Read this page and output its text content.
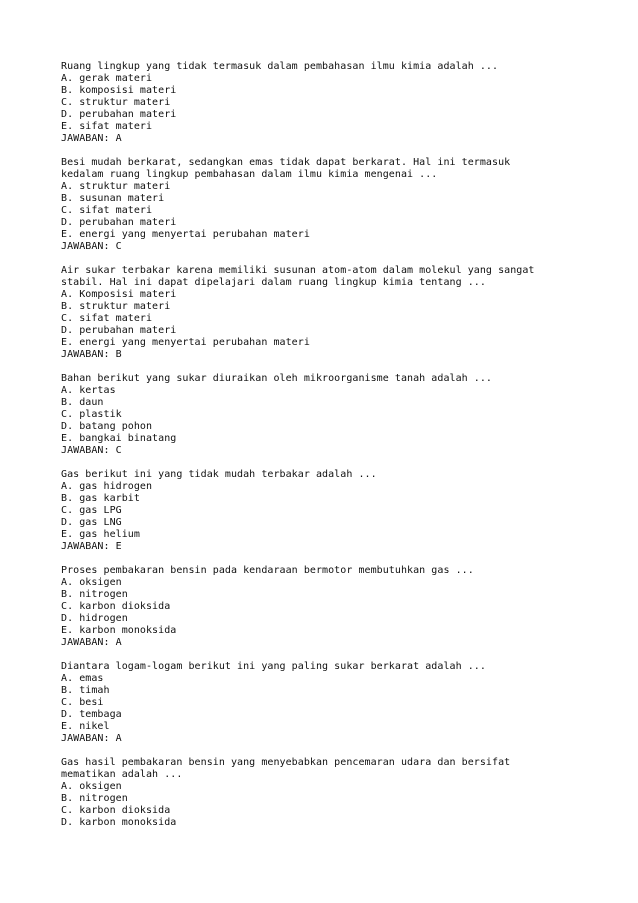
Ruang lingkup yang tidak termasuk dalam pembahasan ilmu kimia adalah ...
A. gerak materi
B. komposisi materi
C. struktur materi
D. perubahan materi
E. sifat materi
JAWABAN: A
Besi mudah berkarat, sedangkan emas tidak dapat berkarat. Hal ini termasuk
kedalam ruang lingkup pembahasan dalam ilmu kimia mengenai ...
A. struktur materi
B. susunan materi
C. sifat materi
D. perubahan materi
E. energi yang menyertai perubahan materi
JAWABAN: C
Air sukar terbakar karena memiliki susunan atom-atom dalam molekul yang sangat
stabil. Hal ini dapat dipelajari dalam ruang lingkup kimia tentang ...
A. Komposisi materi
B. struktur materi
C. sifat materi
D. perubahan materi
E. energi yang menyertai perubahan materi
JAWABAN: B
Bahan berikut yang sukar diuraikan oleh mikroorganisme tanah adalah ...
A. kertas
B. daun
C. plastik
D. batang pohon
E. bangkai binatang
JAWABAN: C
Gas berikut ini yang tidak mudah terbakar adalah ...
A. gas hidrogen
B. gas karbit
C. gas LPG
D. gas LNG
E. gas helium
JAWABAN: E
Proses pembakaran bensin pada kendaraan bermotor membutuhkan gas ...
A. oksigen
B. nitrogen
C. karbon dioksida
D. hidrogen
E. karbon monoksida
JAWABAN: A
Diantara logam-logam berikut ini yang paling sukar berkarat adalah ...
A. emas
B. timah
C. besi
D. tembaga
E. nikel
JAWABAN: A
Gas hasil pembakaran bensin yang menyebabkan pencemaran udara dan bersifat
mematikan adalah ...
A. oksigen
B. nitrogen
C. karbon dioksida
D. karbon monoksida
